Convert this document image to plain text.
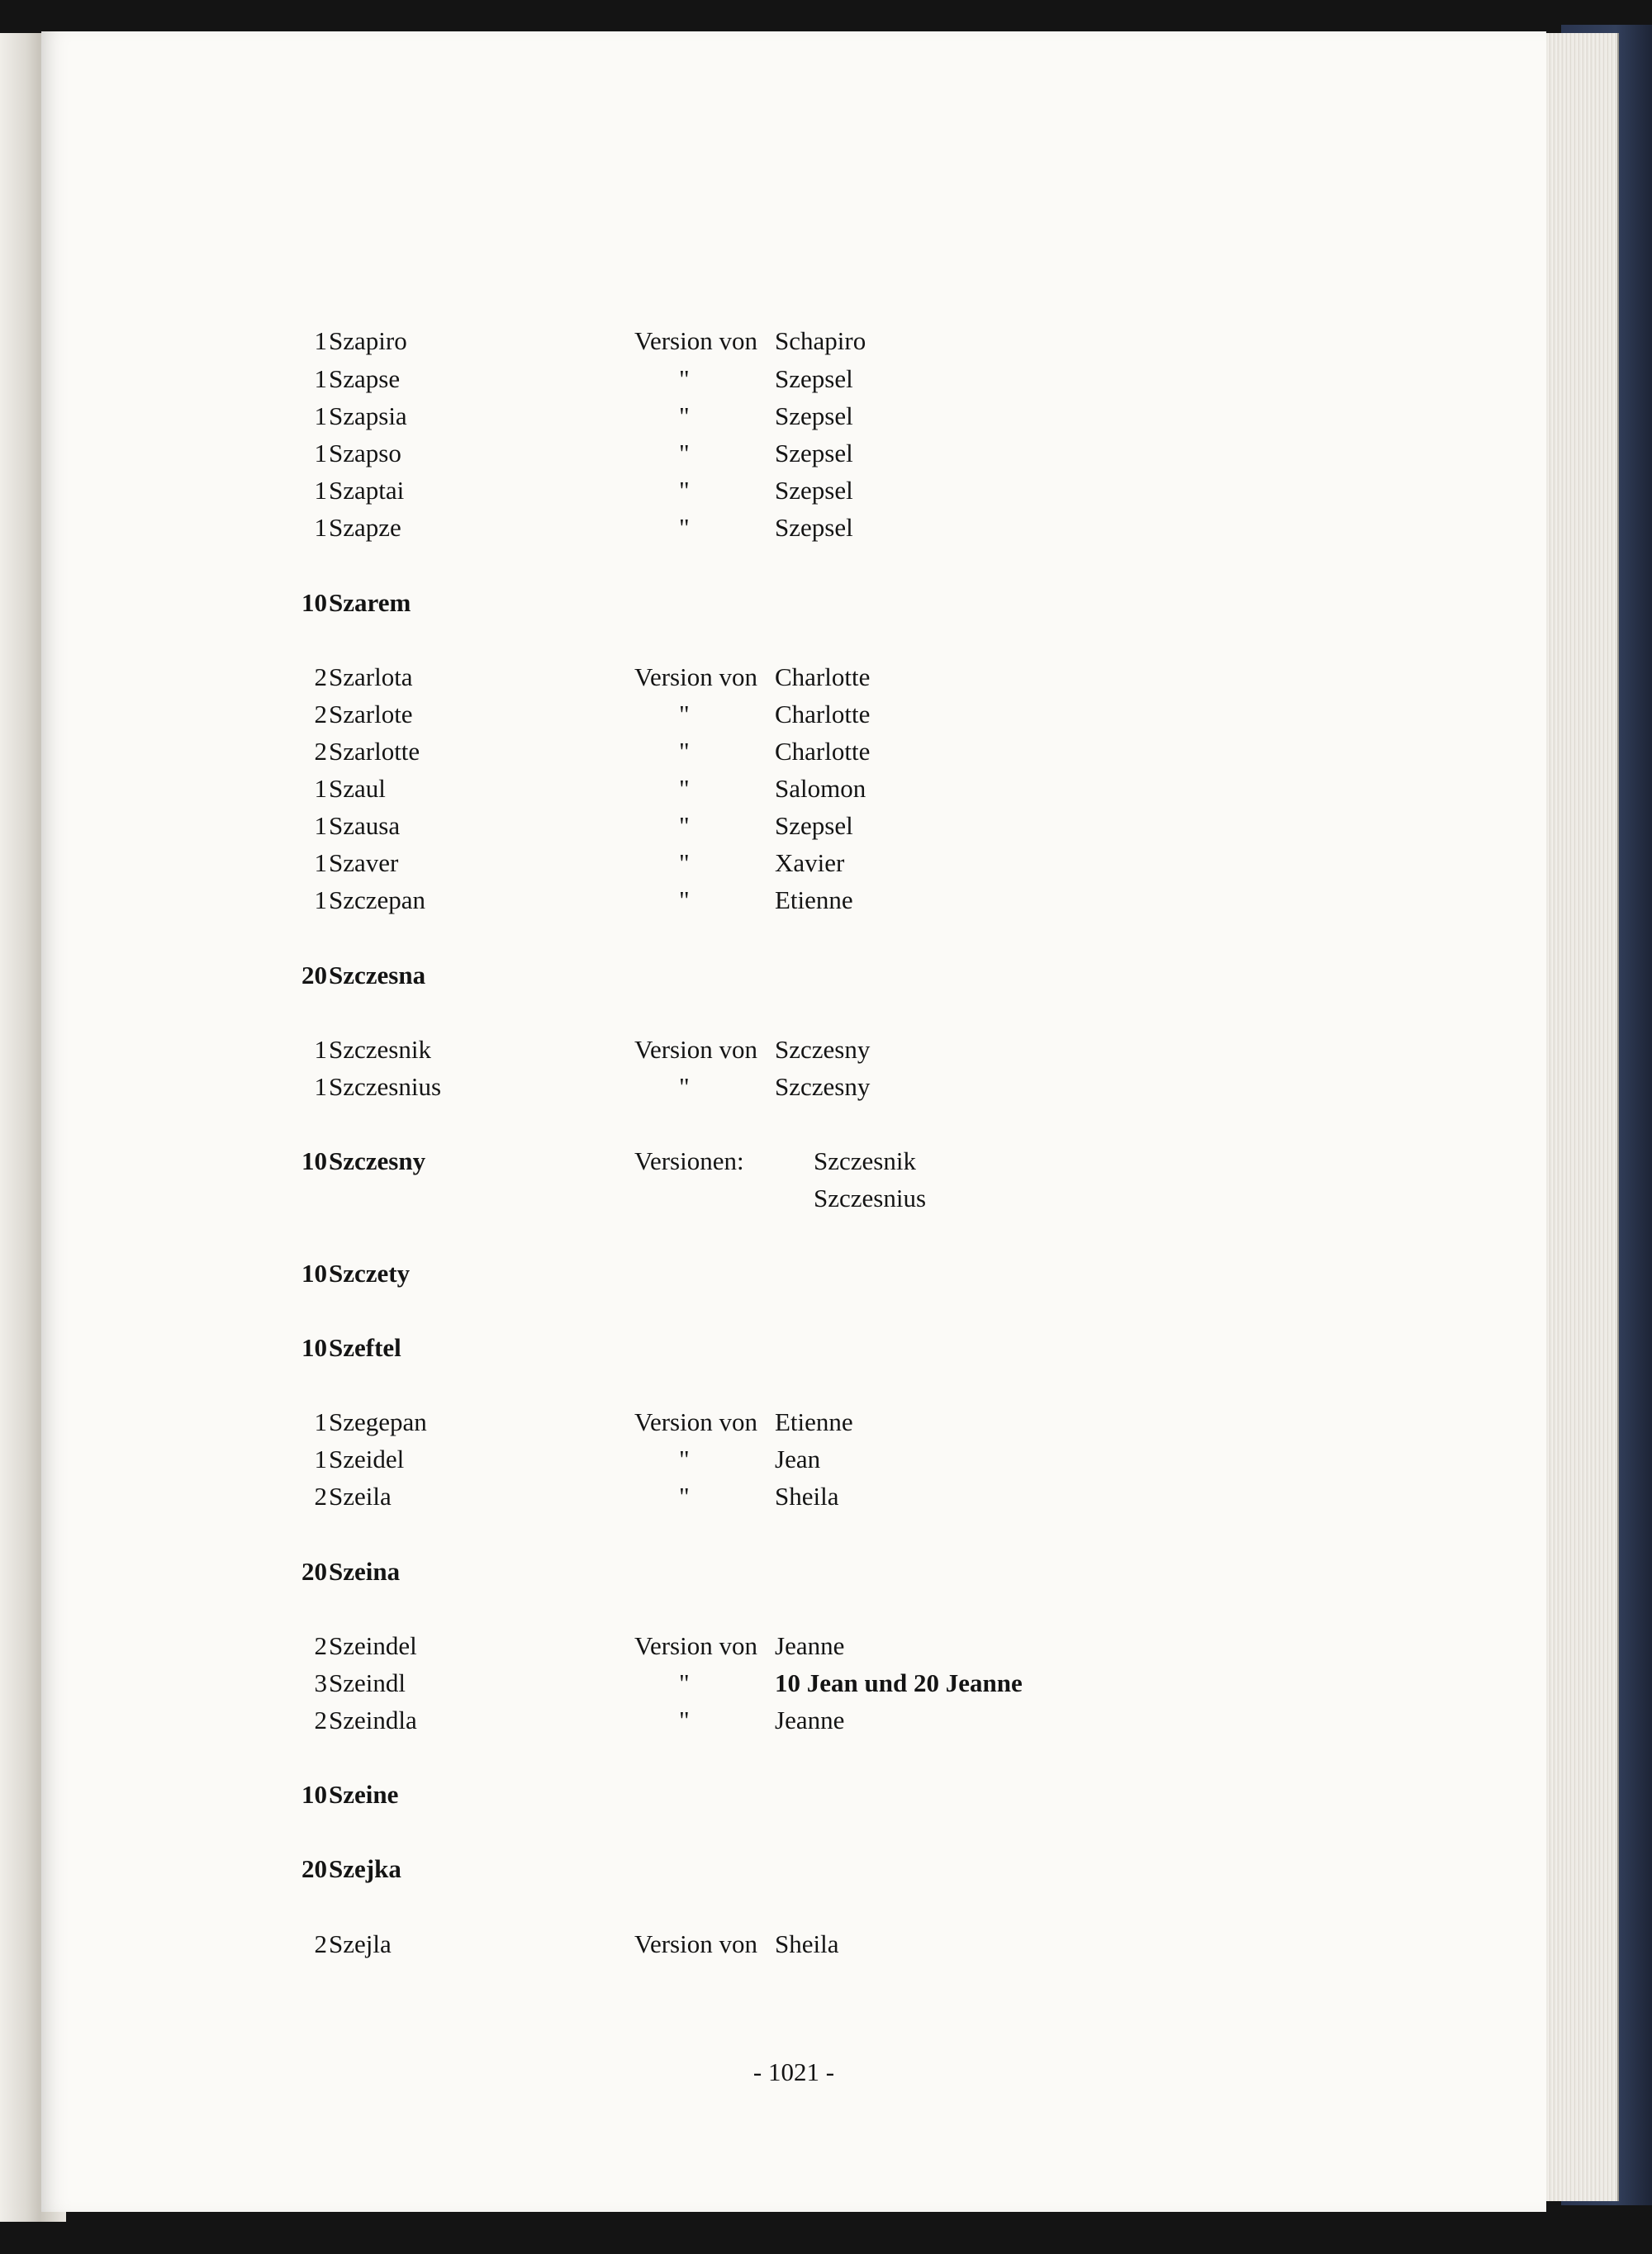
1 Szapiro	Version von Schapiro
1 Szapse	"	Szepsel
1 Szapsia	"	Szepsel
1 Szapso	"	Szepsel
1 Szaptai	"	Szepsel
1 Szapze	"	Szepsel
10 Szarem
2 Szarlota	Version von Charlotte
2 Szarlote	"	Charlotte
2 Szarlotte	"	Charlotte
1 Szaul	"	Salomon
1 Szausa	"	Szepsel
1 Szaver	"	Xavier
1 Szczepan	"	Etienne
20 Szczesna
1 Szczesnik	Version von Szczesny
1 Szczesnius	"	Szczesny
10 Szczesny	Versionen:	Szczesnik
Szczesnius
10 Szczety
10 Szeftel
1 Szegepan	Version von Etienne
1 Szeidel	"	Jean
2 Szeila	"	Sheila
20 Szeina
2 Szeindel	Version von Jeanne
3 Szeindl	"	10 Jean und 20 Jeanne
2 Szeindla	"	Jeanne
10 Szeine
20 Szejka
2 Szejla	Version von Sheila
- 1021 -
